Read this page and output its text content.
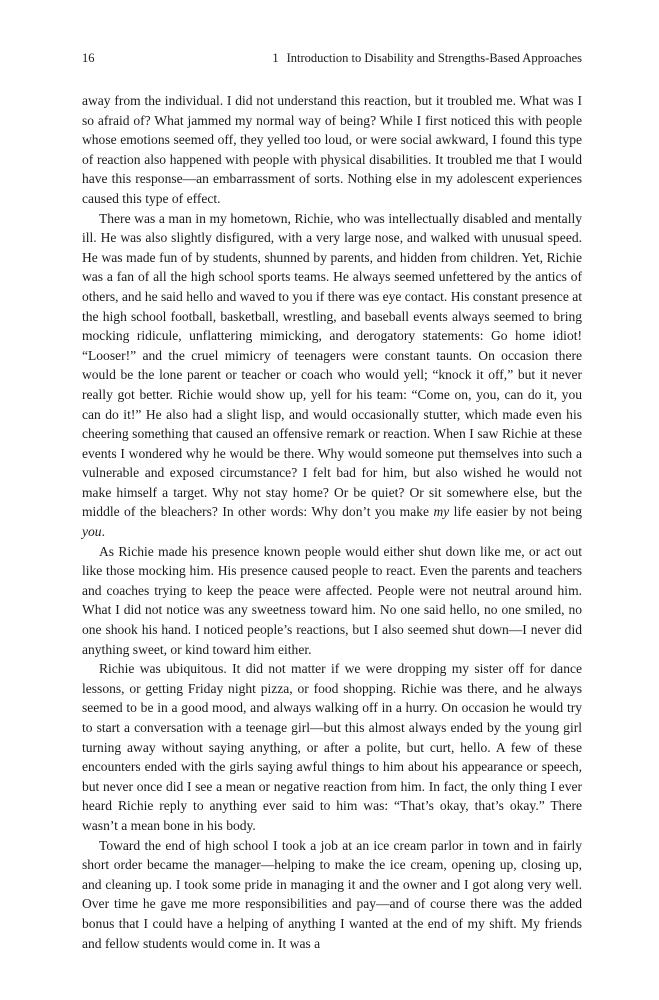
16	1 Introduction to Disability and Strengths-Based Approaches

away from the individual. I did not understand this reaction, but it troubled me. What was I so afraid of? What jammed my normal way of being? While I first noticed this with people whose emotions seemed off, they yelled too loud, or were social awkward, I found this type of reaction also happened with people with physical disabilities. It troubled me that I would have this response—an embarrassment of sorts. Nothing else in my adolescent experiences caused this type of effect.

There was a man in my hometown, Richie, who was intellectually disabled and mentally ill. He was also slightly disfigured, with a very large nose, and walked with unusual speed. He was made fun of by students, shunned by parents, and hidden from children. Yet, Richie was a fan of all the high school sports teams. He always seemed unfettered by the antics of others, and he said hello and waved to you if there was eye contact. His constant presence at the high school football, basketball, wrestling, and baseball events always seemed to bring mocking ridicule, unflattering mimicking, and derogatory statements: Go home idiot! “Looser!” and the cruel mimicry of teenagers were constant taunts. On occasion there would be the lone parent or teacher or coach who would yell; “knock it off,” but it never really got better. Richie would show up, yell for his team: “Come on, you, can do it, you can do it!” He also had a slight lisp, and would occasionally stutter, which made even his cheering something that caused an offensive remark or reaction. When I saw Richie at these events I wondered why he would be there. Why would someone put themselves into such a vulnerable and exposed circumstance? I felt bad for him, but also wished he would not make himself a target. Why not stay home? Or be quiet? Or sit somewhere else, but the middle of the bleachers? In other words: Why don’t you make my life easier by not being you.

As Richie made his presence known people would either shut down like me, or act out like those mocking him. His presence caused people to react. Even the parents and teachers and coaches trying to keep the peace were affected. People were not neutral around him. What I did not notice was any sweetness toward him. No one said hello, no one smiled, no one shook his hand. I noticed people’s reactions, but I also seemed shut down—I never did anything sweet, or kind toward him either.

Richie was ubiquitous. It did not matter if we were dropping my sister off for dance lessons, or getting Friday night pizza, or food shopping. Richie was there, and he always seemed to be in a good mood, and always walking off in a hurry. On occasion he would try to start a conversation with a teenage girl—but this almost always ended by the young girl turning away without saying anything, or after a polite, but curt, hello. A few of these encounters ended with the girls saying awful things to him about his appearance or speech, but never once did I see a mean or negative reaction from him. In fact, the only thing I ever heard Richie reply to anything ever said to him was: “That’s okay, that’s okay.” There wasn’t a mean bone in his body.

Toward the end of high school I took a job at an ice cream parlor in town and in fairly short order became the manager—helping to make the ice cream, opening up, closing up, and cleaning up. I took some pride in managing it and the owner and I got along very well. Over time he gave me more responsibilities and pay—and of course there was the added bonus that I could have a helping of anything I wanted at the end of my shift. My friends and fellow students would come in. It was a
